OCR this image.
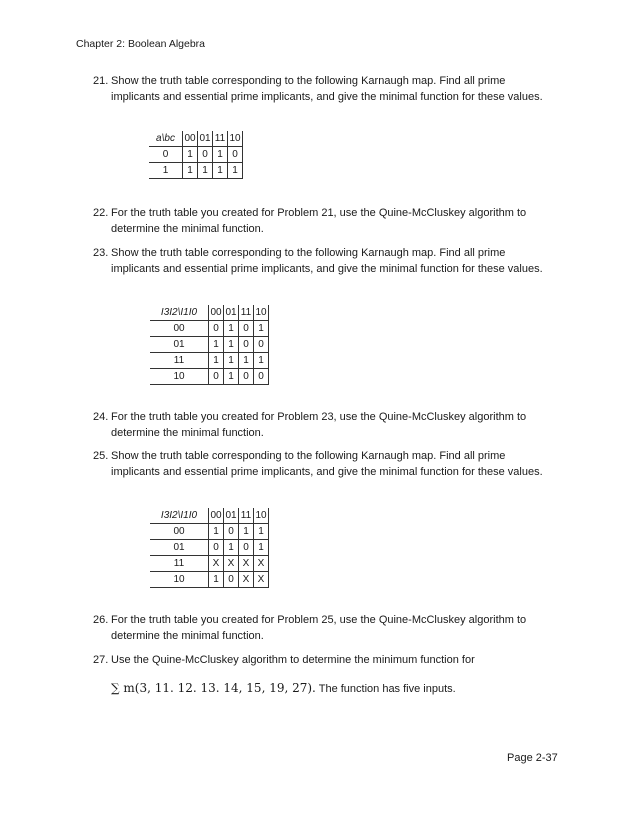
Chapter 2: Boolean Algebra
21. Show the truth table corresponding to the following Karnaugh map. Find all prime implicants and essential prime implicants, and give the minimal function for these values.
a\bc	00	01	11	10
0	1	0	1	0
1	1	1	1	1
22. For the truth table you created for Problem 21, use the Quine-McCluskey algorithm to determine the minimal function.
23. Show the truth table corresponding to the following Karnaugh map. Find all prime implicants and essential prime implicants, and give the minimal function for these values.
I3I2\I1I0	00	01	11	10
00	0	1	0	1
01	1	1	0	0
11	1	1	1	1
10	0	1	0	0
24. For the truth table you created for Problem 23, use the Quine-McCluskey algorithm to determine the minimal function.
25. Show the truth table corresponding to the following Karnaugh map. Find all prime implicants and essential prime implicants, and give the minimal function for these values.
I3I2\I1I0	00	01	11	10
00	1	0	1	1
01	0	1	0	1
11	X	X	X	X
10	1	0	X	X
26. For the truth table you created for Problem 25, use the Quine-McCluskey algorithm to determine the minimal function.
27. Use the Quine-McCluskey algorithm to determine the minimum function for
∑ m(3, 11. 12. 13. 14, 15, 19, 27). The function has five inputs.
Page 2-37
